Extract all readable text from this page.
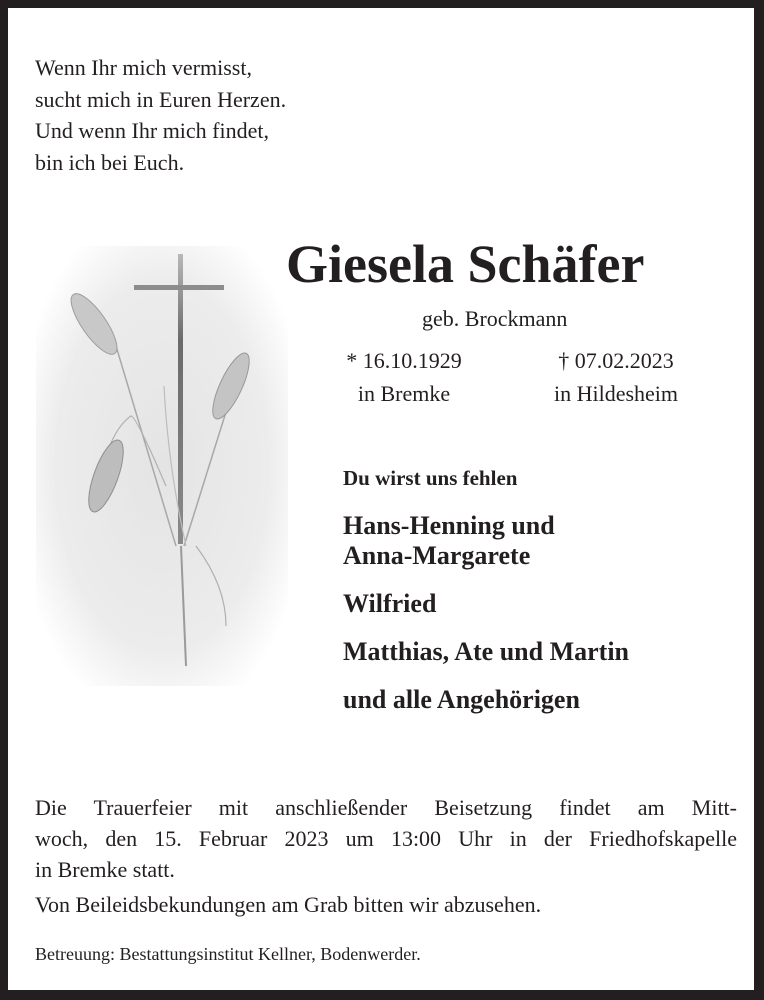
Wenn Ihr mich vermisst,
sucht mich in Euren Herzen.
Und wenn Ihr mich findet,
bin ich bei Euch.
Giesela Schäfer
geb. Brockmann
* 16.10.1929
in Bremke
† 07.02.2023
in Hildesheim
Du wirst uns fehlen
Hans-Henning und
Anna-Margarete
Wilfried
Matthias, Ate und Martin
und alle Angehörigen
Die Trauerfeier mit anschließender Beisetzung findet am Mitt-
woch, den 15. Februar 2023 um 13:00 Uhr in der Friedhofskapelle
in Bremke statt.
Von Beileidsbekundungen am Grab bitten wir abzusehen.
Betreuung: Bestattungsinstitut Kellner, Bodenwerder.
